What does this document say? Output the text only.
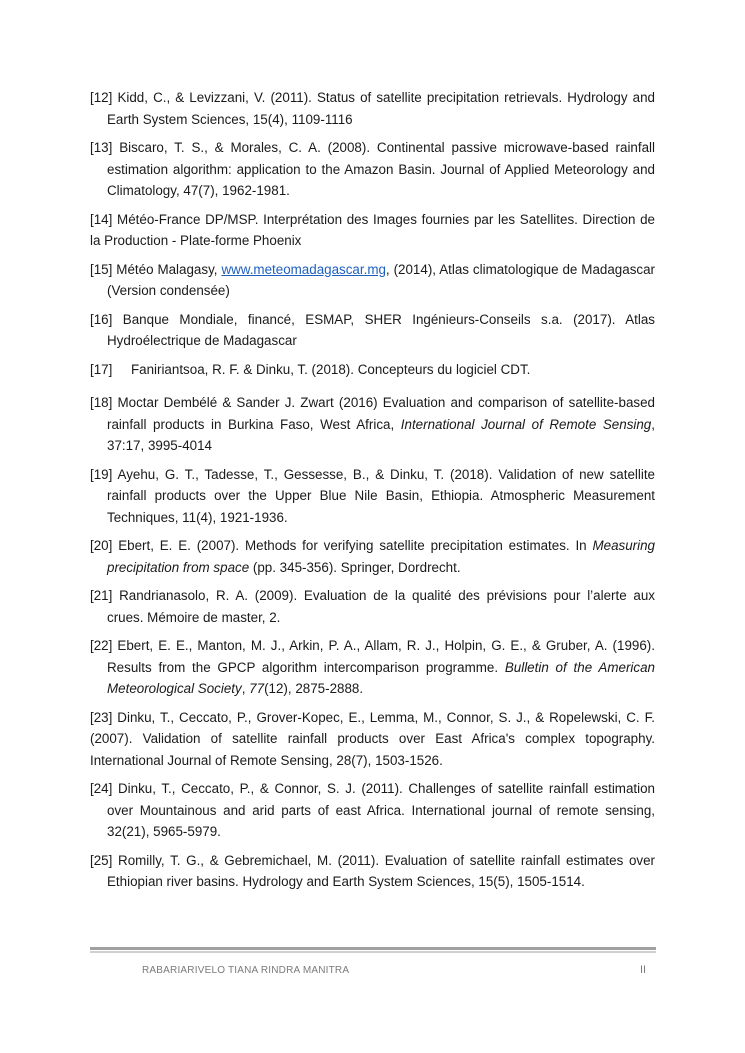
[12] Kidd, C., & Levizzani, V. (2011). Status of satellite precipitation retrievals. Hydrology and Earth System Sciences, 15(4), 1109-1116
[13] Biscaro, T. S., & Morales, C. A. (2008). Continental passive microwave-based rainfall estimation algorithm: application to the Amazon Basin. Journal of Applied Meteorology and Climatology, 47(7), 1962-1981.
[14] Météo-France DP/MSP. Interprétation des Images fournies par les Satellites. Direction de la Production - Plate-forme Phoenix
[15] Météo Malagasy, www.meteomadagascar.mg, (2014), Atlas climatologique de Madagascar (Version condensée)
[16] Banque Mondiale, financé, ESMAP, SHER Ingénieurs-Conseils s.a. (2017). Atlas Hydroélectrique de Madagascar
[17] Faniriantsoa, R. F. & Dinku, T. (2018). Concepteurs du logiciel CDT.
[18] Moctar Dembélé & Sander J. Zwart (2016) Evaluation and comparison of satellite-based rainfall products in Burkina Faso, West Africa, International Journal of Remote Sensing, 37:17, 3995-4014
[19] Ayehu, G. T., Tadesse, T., Gessesse, B., & Dinku, T. (2018). Validation of new satellite rainfall products over the Upper Blue Nile Basin, Ethiopia. Atmospheric Measurement Techniques, 11(4), 1921-1936.
[20] Ebert, E. E. (2007). Methods for verifying satellite precipitation estimates. In Measuring precipitation from space (pp. 345-356). Springer, Dordrecht.
[21] Randrianasolo, R. A. (2009). Evaluation de la qualité des prévisions pour l’alerte aux crues. Mémoire de master, 2.
[22] Ebert, E. E., Manton, M. J., Arkin, P. A., Allam, R. J., Holpin, G. E., & Gruber, A. (1996). Results from the GPCP algorithm intercomparison programme. Bulletin of the American Meteorological Society, 77(12), 2875-2888.
[23] Dinku, T., Ceccato, P., Grover-Kopec, E., Lemma, M., Connor, S. J., & Ropelewski, C. F. (2007). Validation of satellite rainfall products over East Africa's complex topography. International Journal of Remote Sensing, 28(7), 1503-1526.
[24] Dinku, T., Ceccato, P., & Connor, S. J. (2011). Challenges of satellite rainfall estimation over Mountainous and arid parts of east Africa. International journal of remote sensing, 32(21), 5965-5979.
[25] Romilly, T. G., & Gebremichael, M. (2011). Evaluation of satellite rainfall estimates over Ethiopian river basins. Hydrology and Earth System Sciences, 15(5), 1505-1514.
RABARIARIVELO TIANA RINDRA MANITRA	II
